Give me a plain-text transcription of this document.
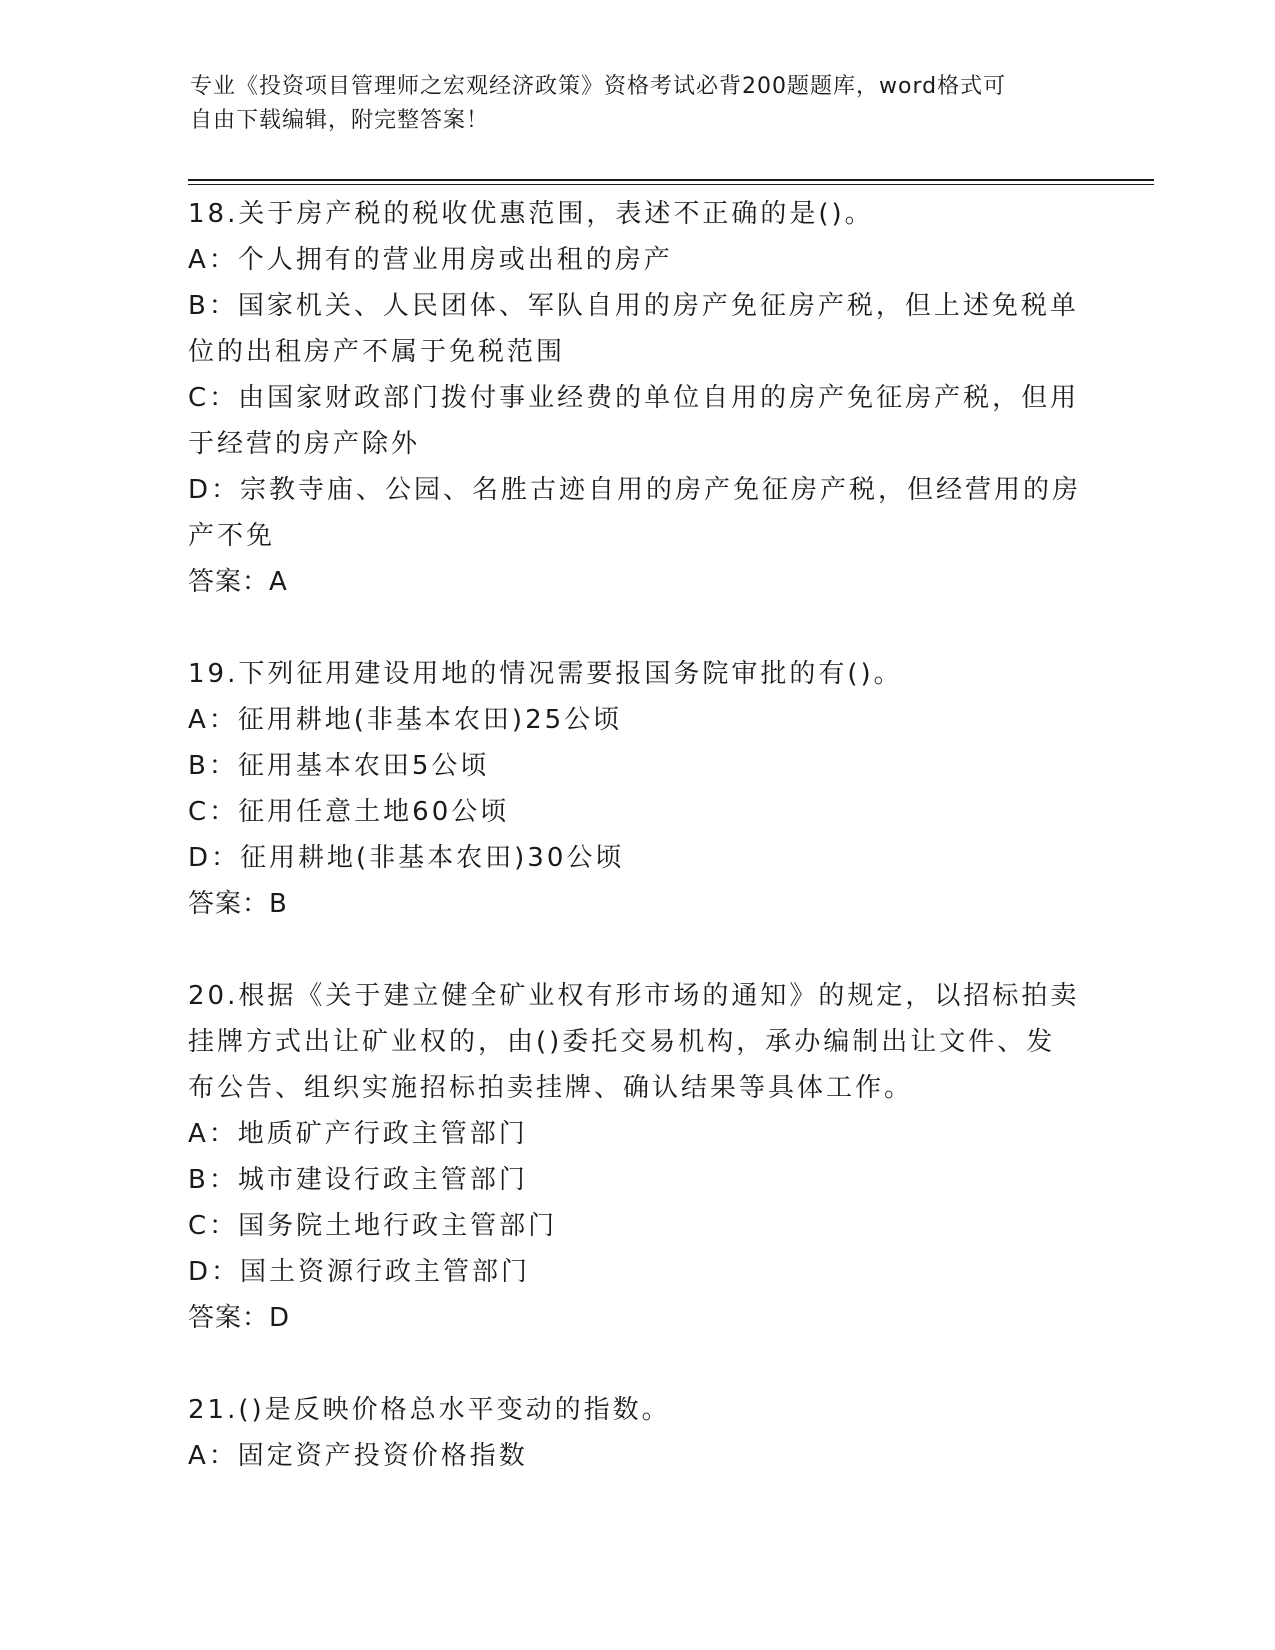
专业《投资项目管理师之宏观经济政策》资格考试必背200题题库，word格式可
自由下载编辑，附完整答案！
18.关于房产税的税收优惠范围，表述不正确的是()。
A：个人拥有的营业用房或出租的房产
B：国家机关、人民团体、军队自用的房产免征房产税，但上述免税单
位的出租房产不属于免税范围
C：由国家财政部门拨付事业经费的单位自用的房产免征房产税，但用
于经营的房产除外
D：宗教寺庙、公园、名胜古迹自用的房产免征房产税，但经营用的房
产不免
答案：A
19.下列征用建设用地的情况需要报国务院审批的有()。
A：征用耕地(非基本农田)25公顷
B：征用基本农田5公顷
C：征用任意土地60公顷
D：征用耕地(非基本农田)30公顷
答案：B
20.根据《关于建立健全矿业权有形市场的通知》的规定，以招标拍卖
挂牌方式出让矿业权的，由()委托交易机构，承办编制出让文件、发
布公告、组织实施招标拍卖挂牌、确认结果等具体工作。
A：地质矿产行政主管部门
B：城市建设行政主管部门
C：国务院土地行政主管部门
D：国土资源行政主管部门
答案：D
21.()是反映价格总水平变动的指数。
A：固定资产投资价格指数
